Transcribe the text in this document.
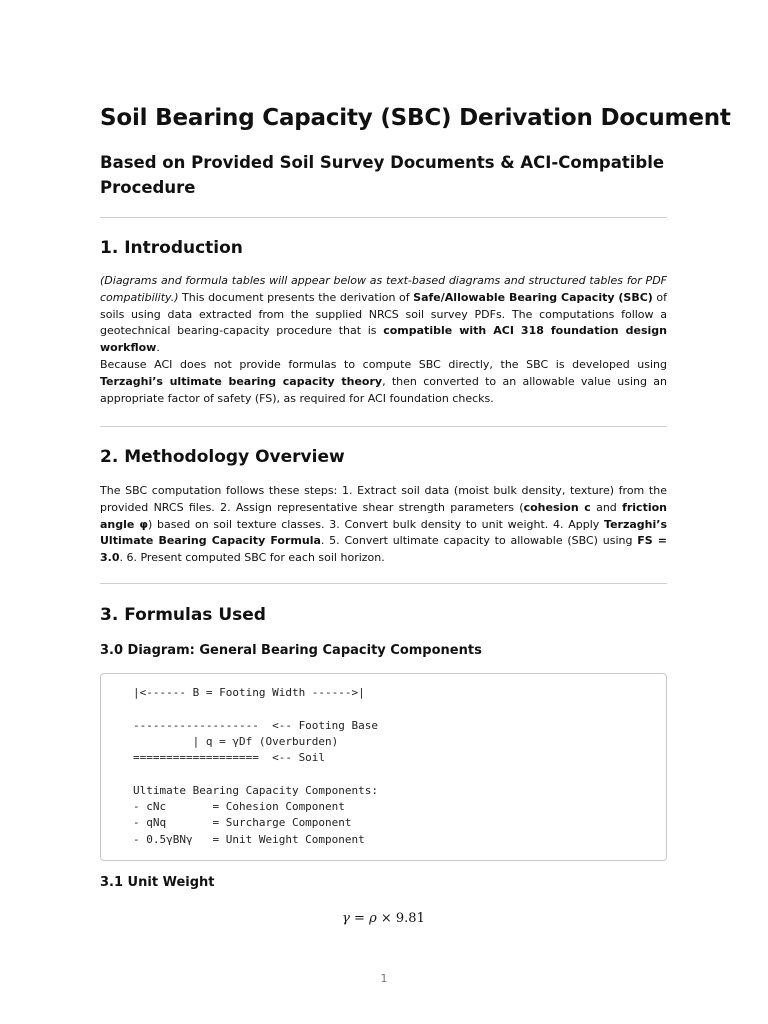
Soil Bearing Capacity (SBC) Derivation Document
Based on Provided Soil Survey Documents & ACI-Compatible Procedure
1. Introduction

(Diagrams and formula tables will appear below as text-based diagrams and structured tables for PDF compatibility.) This document presents the derivation of Safe/Allowable Bearing Capacity (SBC) of soils using data extracted from the supplied NRCS soil survey PDFs. The computations follow a geotechnical bearing-capacity procedure that is compatible with ACI 318 foundation design workflow.

Because ACI does not provide formulas to compute SBC directly, the SBC is developed using Terzaghi’s ultimate bearing capacity theory, then converted to an allowable value using an appropriate factor of safety (FS), as required for ACI foundation checks.

2. Methodology Overview

The SBC computation follows these steps: 1. Extract soil data (moist bulk density, texture) from the provided NRCS files. 2. Assign representative shear strength parameters (cohesion c and friction angle φ) based on soil texture classes. 3. Convert bulk density to unit weight. 4. Apply Terzaghi’s Ultimate Bearing Capacity Formula. 5. Convert ultimate capacity to allowable (SBC) using FS = 3.0. 6. Present computed SBC for each soil horizon.

3. Formulas Used
3.0 Diagram: General Bearing Capacity Components
|<------ B = Footing Width ------>|

-------------------  <-- Footing Base
| q = γDf (Overburden)
===================  <-- Soil

Ultimate Bearing Capacity Components:
- cNc       = Cohesion Component
- qNq       = Surcharge Component
- 0.5γBNγ   = Unit Weight Component
3.1 Unit Weight
γ = ρ × 9.81
1
